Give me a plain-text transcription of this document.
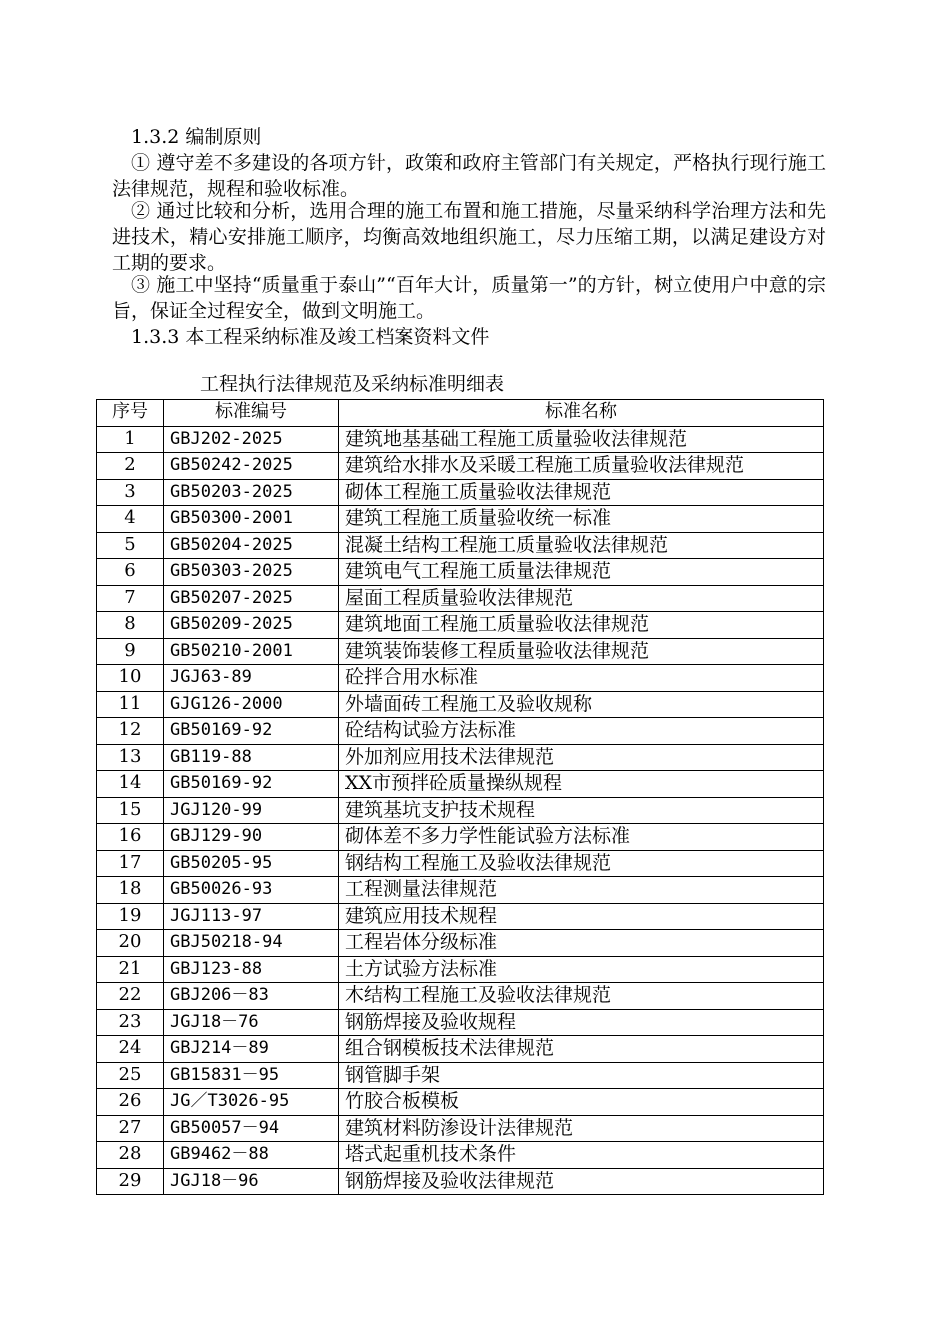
1.3.2 编制原则
① 遵守差不多建设的各项方针，政策和政府主管部门有关规定，严格执行现行施工法律规范，规程和验收标准。
② 通过比较和分析，选用合理的施工布置和施工措施，尽量采纳科学治理方法和先进技术，精心安排施工顺序，均衡高效地组织施工，尽力压缩工期，以满足建设方对工期的要求。
③ 施工中坚持“质量重于泰山”“百年大计，质量第一”的方针，树立使用户中意的宗旨，保证全过程安全，做到文明施工。
1.3.3 本工程采纳标准及竣工档案资料文件
工程执行法律规范及采纳标准明细表
序号	标准编号	标准名称
1	GBJ202-2025	建筑地基基础工程施工质量验收法律规范
2	GB50242-2025	建筑给水排水及采暖工程施工质量验收法律规范
3	GB50203-2025	砌体工程施工质量验收法律规范
4	GB50300-2001	建筑工程施工质量验收统一标准
5	GB50204-2025	混凝土结构工程施工质量验收法律规范
6	GB50303-2025	建筑电气工程施工质量法律规范
7	GB50207-2025	屋面工程质量验收法律规范
8	GB50209-2025	建筑地面工程施工质量验收法律规范
9	GB50210-2001	建筑装饰装修工程质量验收法律规范
10	JGJ63-89	砼拌合用水标准
11	GJG126-2000	外墙面砖工程施工及验收规称
12	GB50169-92	砼结构试验方法标准
13	GB119-88	外加剂应用技术法律规范
14	GB50169-92	XX市预拌砼质量操纵规程
15	JGJ120-99	建筑基坑支护技术规程
16	GBJ129-90	砌体差不多力学性能试验方法标准
17	GB50205-95	钢结构工程施工及验收法律规范
18	GB50026-93	工程测量法律规范
19	JGJ113-97	建筑应用技术规程
20	GBJ50218-94	工程岩体分级标准
21	GBJ123-88	土方试验方法标准
22	GBJ206－83	木结构工程施工及验收法律规范
23	JGJ18－76	钢筋焊接及验收规程
24	GBJ214－89	组合钢模板技术法律规范
25	GB15831－95	钢管脚手架
26	JG／T3026-95	竹胶合板模板
27	GB50057－94	建筑材料防渗设计法律规范
28	GB9462－88	塔式起重机技术条件
29	JGJ18－96	钢筋焊接及验收法律规范
